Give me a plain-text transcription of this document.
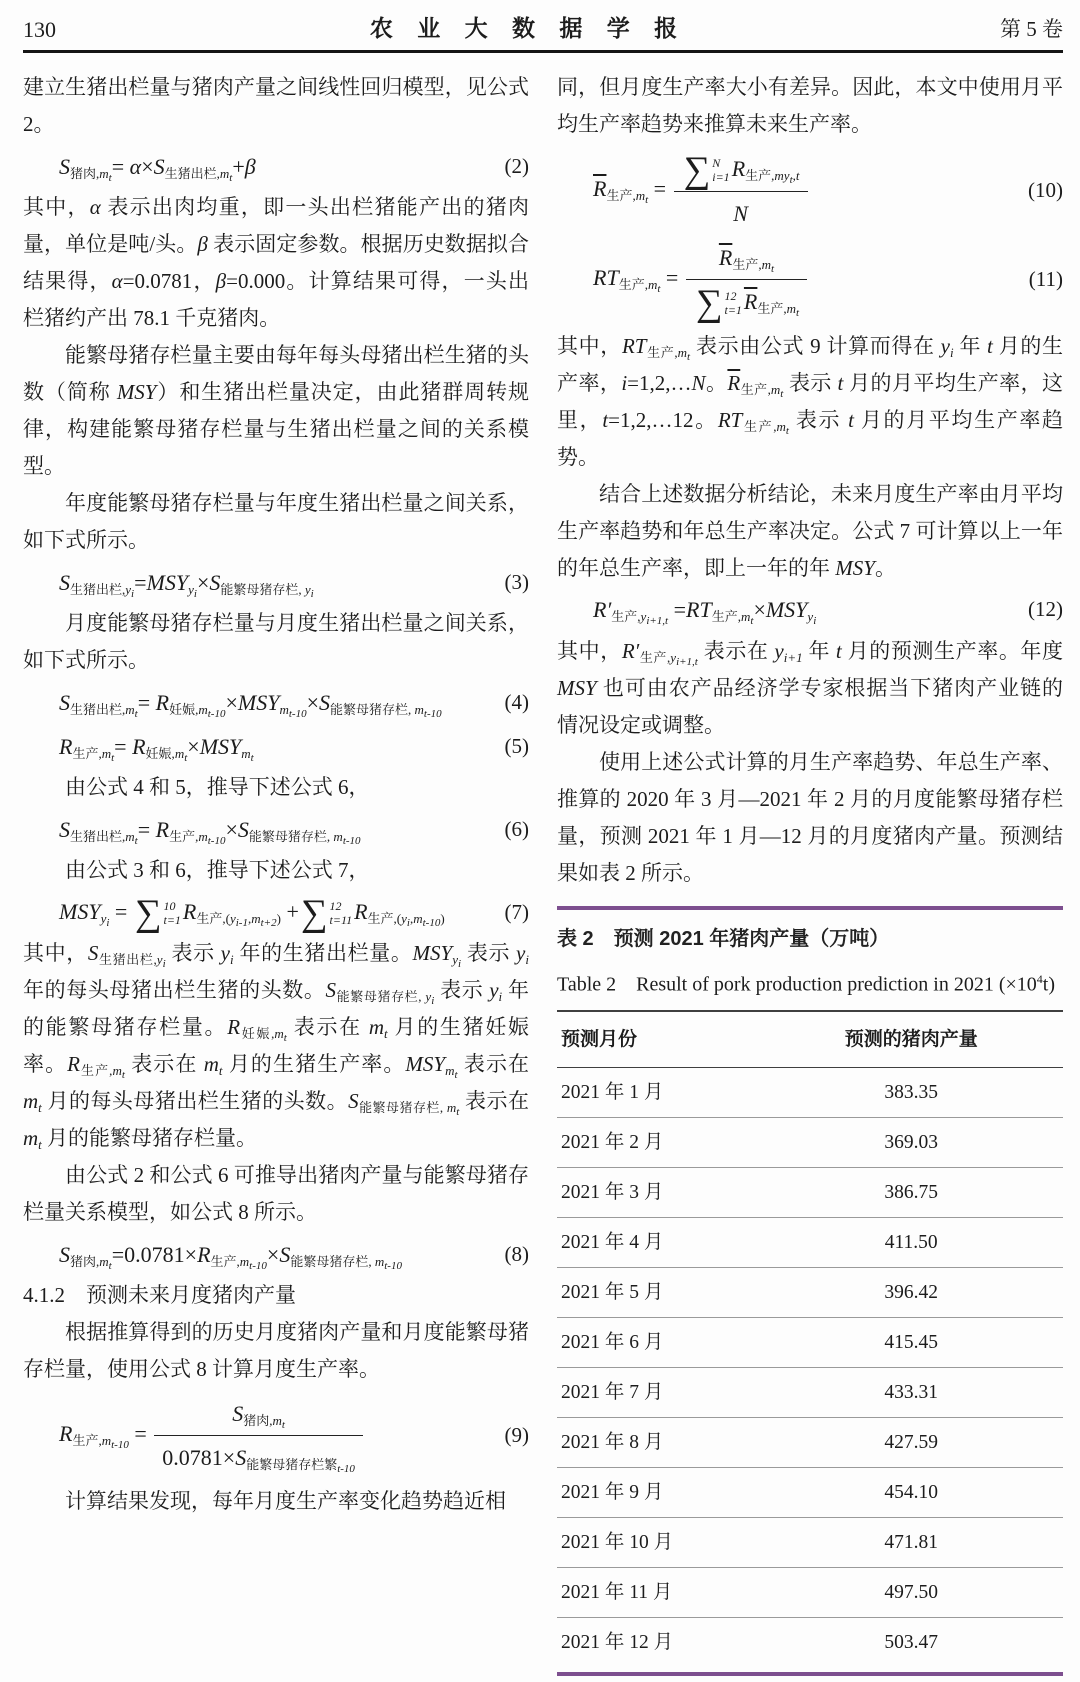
130	农 业 大 数 据 学 报	第 5 卷

建立生猪出栏量与猪肉产量之间线性回归模型，见公式 2。

S猪肉$,m_t= \alpha\times S$生猪出栏$,m_t+\beta$	(2)

其中，α 表示出肉均重，即一头出栏猪能产出的猪肉量，单位是吨/头。β 表示固定参数。根据历史数据拟合结果得，α=0.0781，β=0.000。计算结果可得，一头出栏猪约产出 78.1 千克猪肉。

能繁母猪存栏量主要由每年每头母猪出栏生猪的头数（简称 MSY）和生猪出栏量决定，由此猪群周转规律，构建能繁母猪存栏量与生猪出栏量之间的关系模型。

年度能繁母猪存栏量与年度生猪出栏量之间关系，如下式所示。

S生猪出栏$,y_i=MSYy_i\times S$能繁母猪存栏, $y_i$	(3)

月度能繁母猪存栏量与月度生猪出栏量之间关系，如下式所示。

S生猪出栏$,m_t= R$妊娠$,m_{t-10}\times MSYm_{t-10}\times S$能繁母猪存栏, $m_{t-10}$	(4)
R生产$,m_t= R$妊娠$,m_t\times MSYm_t$	(5)

由公式 4 和 5，推导下述公式 6，

S生猪出栏$,m_t= R$生产$,m_{t-10}\times S$能繁母猪存栏, $m_{t-10}$	(6)

由公式 3 和 6，推导下述公式 7，

MSYy$_i$ = ∑ 10
t=1 R生产$,(y_{i-1},m_{t+2})$ + ∑ 12
t=11 R生产$,(y_i,m_{t-10})$	(7)

其中，S生猪出栏$,y_i$ 表示 yi 年的生猪出栏量。MSYy$_i$ 表示 yi 年的每头母猪出栏生猪的头数。S能繁母猪存栏, $y_i$ 表示 yi 年的能繁母猪存栏量。R妊娠$,m_t$ 表示在 mt 月的生猪妊娠率。R生产$,m_t$ 表示在 mt 月的生猪生产率。MSYm$_t$ 表示在 mt 月的每头母猪出栏生猪的头数。S能繁母猪存栏, $m_t$ 表示在 mt 月的能繁母猪存栏量。

由公式 2 和公式 6 可推导出猪肉产量与能繁母猪存栏量关系模型，如公式 8 所示。

S猪肉$,m_t=0.0781\times R$生产$,m_{t-10}\times S$能繁母猪存栏, $m_{t-10}$	(8)

4.1.2　预测未来月度猪肉产量

根据推算得到的历史月度猪肉产量和月度能繁母猪存栏量，使用公式 8 计算月度生产率。

R生产$,m_{t-10} = \frac{S猪肉,m_t}{0.0781\times S能繁母猪存栏繁_{t-10}}$	(9)

计算结果发现，每年月度生产率变化趋势趋近相

同，但月度生产率大小有差异。因此，本文中使用月平均生产率趋势来推算未来生产率。

$\overline{R}$生产$,m_t$ = ∑ N
i=1 R生产$,my_t,t$
N	(10)
RT生产$,m_t = \overline{R}$生产$,m_t$
∑ 12
t=1 $\overline{R}$生产$,m_t$	(11)

其中，RT生产$,m_t$ 表示由公式 9 计算而得在 yi 年 t 月的生产率，i=1,2,…N。$\overline{R}$生产$,m_t$ 表示 t 月的月平均生产率，这里，t=1,2,…12。RT生产$,m_t$ 表示 t 月的月平均生产率趋势。

结合上述数据分析结论，未来月度生产率由月平均生产率趋势和年总生产率决定。公式 7 可计算以上一年的年总生产率，即上一年的年 MSY。

R′生产$,y_{i+1,t} =RT$生产$,m_t\times MSYy_i$	(12)

其中，R′生产$,y_{i+1,t}$ 表示在 yi+1 年 t 月的预测生产率。年度 MSY 也可由农产品经济学专家根据当下猪肉产业链的情况设定或调整。

使用上述公式计算的月生产率趋势、年总生产率、推算的 2020 年 3 月—2021 年 2 月的月度能繁母猪存栏量，预测 2021 年 1 月—12 月的月度猪肉产量。预测结果如表 2 所示。

表 2　预测 2021 年猪肉产量（万吨）
Table 2　Result of pork production prediction in 2021 $(\times 10^4t)$
预测月份	预测的猪肉产量
2021 年 1 月	383.35
2021 年 2 月	369.03
2021 年 3 月	386.75
2021 年 4 月	411.50
2021 年 5 月	396.42
2021 年 6 月	415.45
2021 年 7 月	433.31
2021 年 8 月	427.59
2021 年 9 月	454.10
2021 年 10 月	471.81
2021 年 11 月	497.50
2021 年 12 月	503.47
